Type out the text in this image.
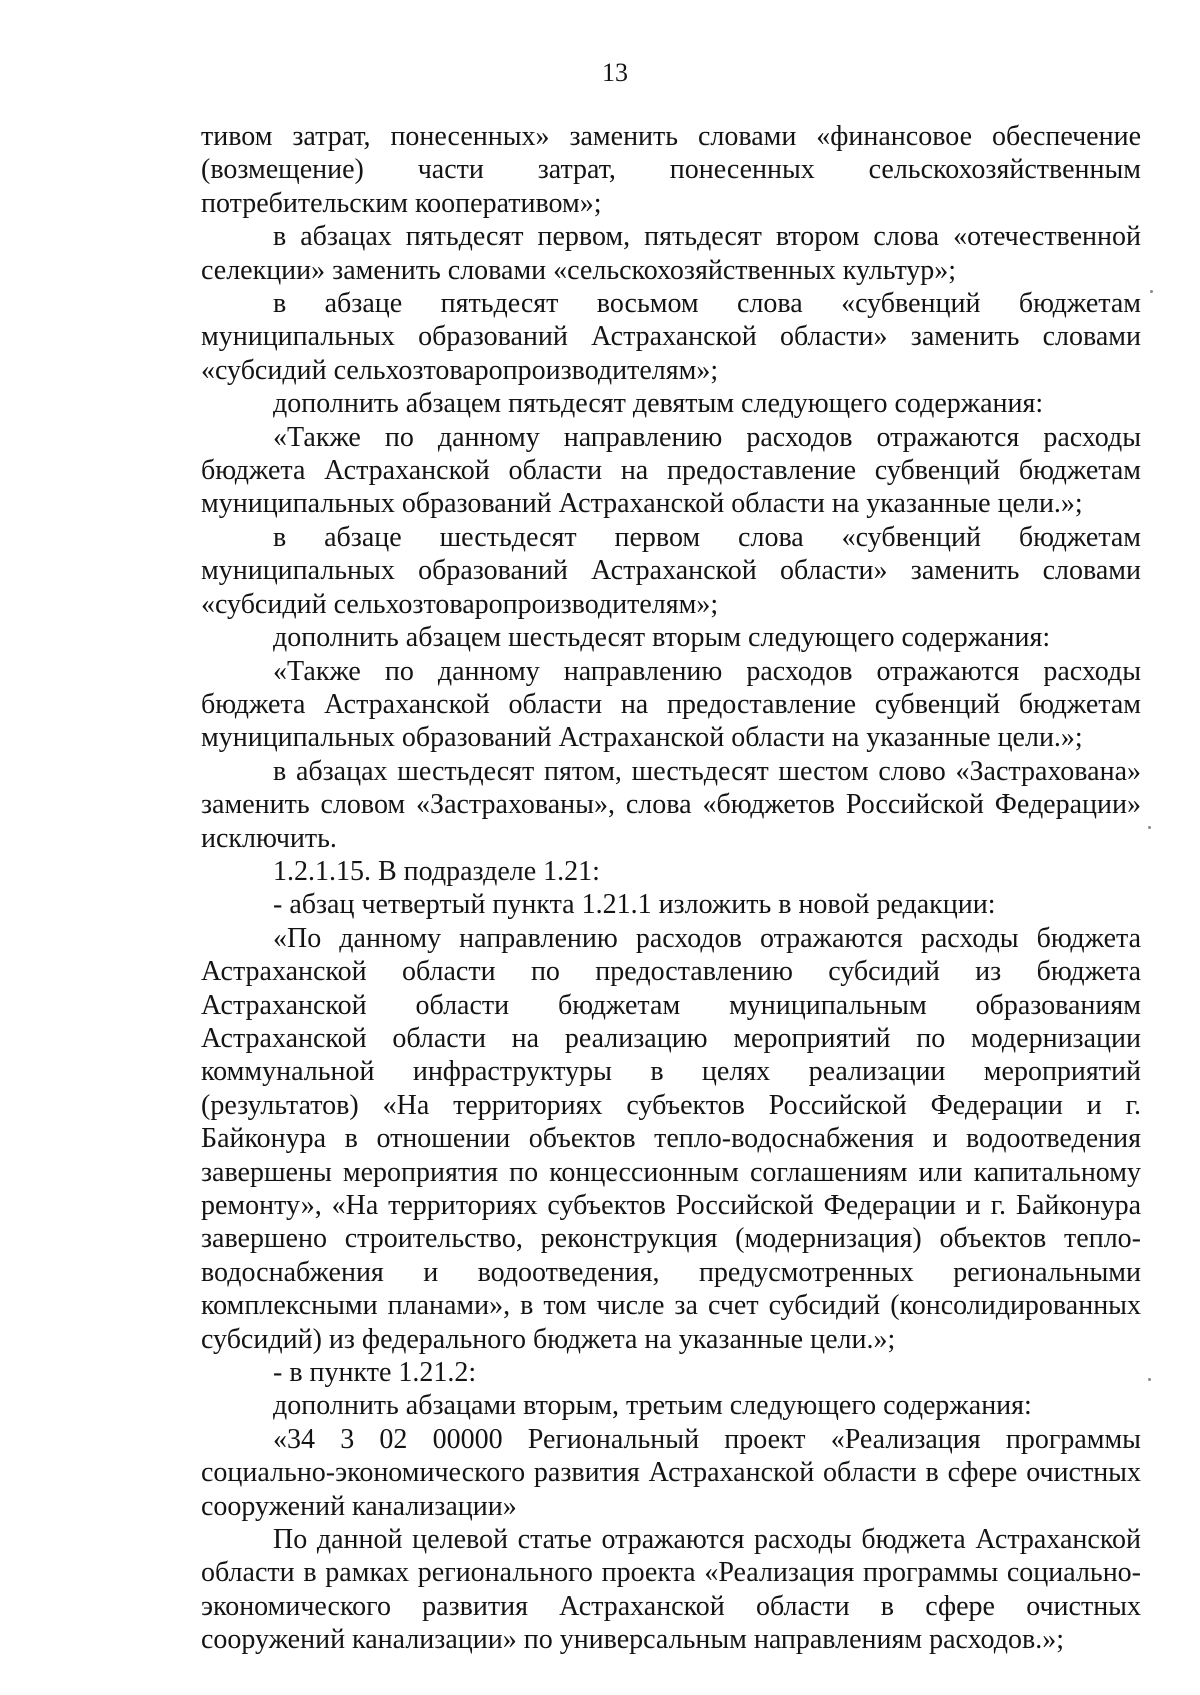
13

тивом затрат, понесенных» заменить словами «финансовое обеспечение (возмещение) части затрат, понесенных сельскохозяйственным потребительским кооперативом»;

в абзацах пятьдесят первом, пятьдесят втором слова «отечественной селекции» заменить словами «сельскохозяйственных культур»;

в абзаце пятьдесят восьмом слова «субвенций бюджетам муниципальных образований Астраханской области» заменить словами «субсидий сельхозтоваропроизводителям»;

дополнить абзацем пятьдесят девятым следующего содержания:

«Также по данному направлению расходов отражаются расходы бюджета Астраханской области на предоставление субвенций бюджетам муниципальных образований Астраханской области на указанные цели.»;

в абзаце шестьдесят первом слова «субвенций бюджетам муниципальных образований Астраханской области» заменить словами «субсидий сельхозтоваропроизводителям»;

дополнить абзацем шестьдесят вторым следующего содержания:

«Также по данному направлению расходов отражаются расходы бюджета Астраханской области на предоставление субвенций бюджетам муниципальных образований Астраханской области на указанные цели.»;

в абзацах шестьдесят пятом, шестьдесят шестом слово «Застрахована» заменить словом «Застрахованы», слова «бюджетов Российской Федерации» исключить.

1.2.1.15. В подразделе 1.21:

- абзац четвертый пункта 1.21.1 изложить в новой редакции:

«По данному направлению расходов отражаются расходы бюджета Астраханской области по предоставлению субсидий из бюджета Астраханской области бюджетам муниципальным образованиям Астраханской области на реализацию мероприятий по модернизации коммунальной инфраструктуры в целях реализации мероприятий (результатов) «На территориях субъектов Российской Федерации и г. Байконура в отношении объектов тепло-водоснабжения и водоотведения завершены мероприятия по концессионным соглашениям или капитальному ремонту», «На территориях субъектов Российской Федерации и г. Байконура завершено строительство, реконструкция (модернизация) объектов тепло-водоснабжения и водоотведения, предусмотренных региональными комплексными планами», в том числе за счет субсидий (консолидированных субсидий) из федерального бюджета на указанные цели.»;

- в пункте 1.21.2:

дополнить абзацами вторым, третьим следующего содержания:

«34 3 02 00000 Региональный проект «Реализация программы социально-экономического развития Астраханской области в сфере очистных сооружений канализации»

По данной целевой статье отражаются расходы бюджета Астраханской области в рамках регионального проекта «Реализация программы социально-экономического развития Астраханской области в сфере очистных сооружений канализации» по универсальным направлениям расходов.»;
